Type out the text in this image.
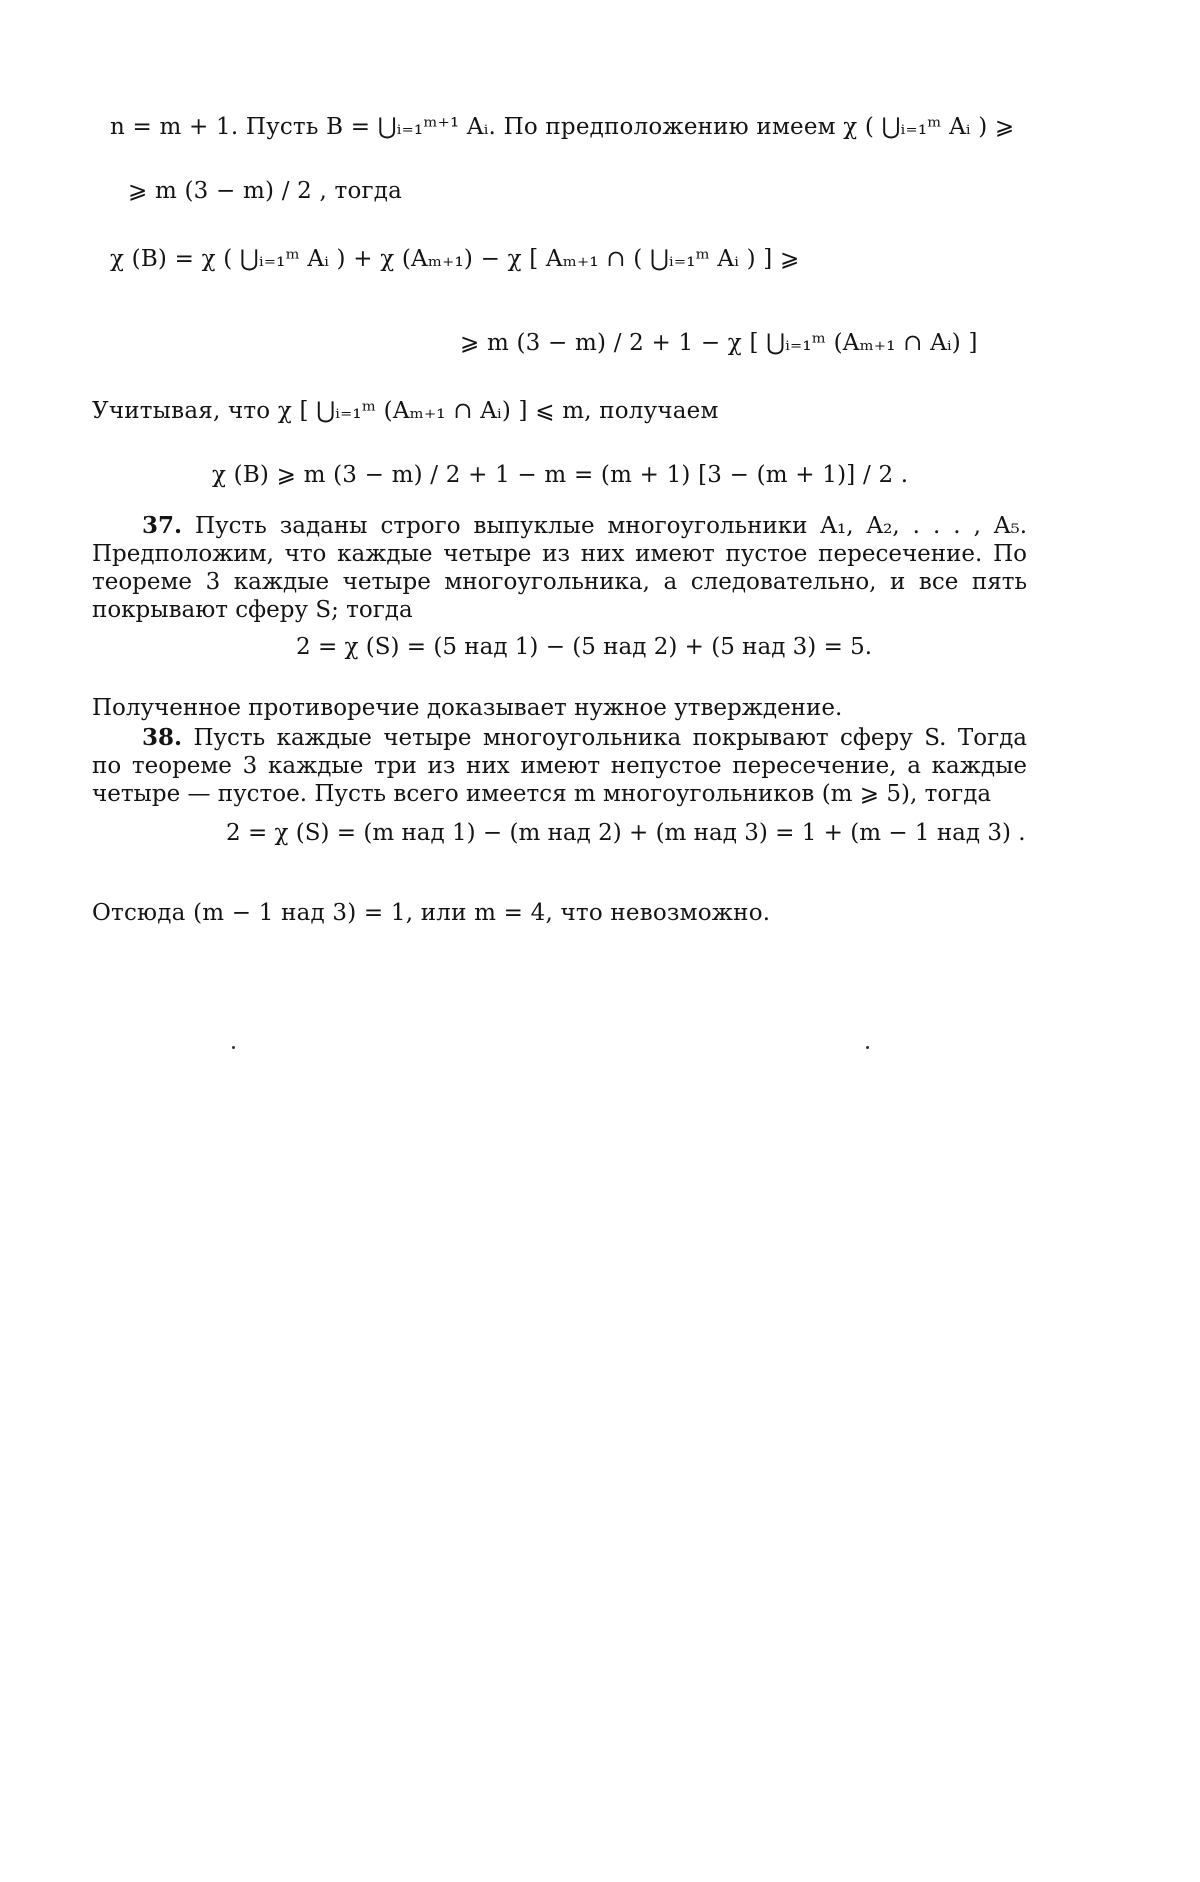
n = m + 1. Пусть B = ⋃ᵢ₌₁ᵐ⁺¹ Aᵢ. По предположению имеем χ ( ⋃ᵢ₌₁ᵐ Aᵢ ) ⩾
⩾ m (3 − m) / 2 , тогда
χ (B) = χ ( ⋃ᵢ₌₁ᵐ Aᵢ ) + χ (Aₘ₊₁) − χ [ Aₘ₊₁ ∩ ( ⋃ᵢ₌₁ᵐ Aᵢ ) ] ⩾
⩾ m (3 − m) / 2 + 1 − χ [ ⋃ᵢ₌₁ᵐ (Aₘ₊₁ ∩ Aᵢ) ]
Учитывая, что χ [ ⋃ᵢ₌₁ᵐ (Aₘ₊₁ ∩ Aᵢ) ] ⩽ m, получаем
χ (B) ⩾ m (3 − m) / 2 + 1 − m = (m + 1) [3 − (m + 1)] / 2 .

37. Пусть заданы строго выпуклые многоугольники A₁, A₂, . . . , A₅. Предположим, что каждые четыре из них имеют пустое пересечение. По теореме 3 каждые четыре многоугольника, а следовательно, и все пять покрывают сферу S; тогда

2 = χ (S) = (5 над 1) − (5 над 2) + (5 над 3) = 5.

Полученное противоречие доказывает нужное утверждение.

38. Пусть каждые четыре многоугольника покрывают сферу S. Тогда по теореме 3 каждые три из них имеют непустое пересечение, а каждые четыре — пустое. Пусть всего имеется m многоугольников (m ⩾ 5), тогда

2 = χ (S) = (m над 1) − (m над 2) + (m над 3) = 1 + (m − 1 над 3) .
Отсюда (m − 1 над 3) = 1, или m = 4, что невозможно.
